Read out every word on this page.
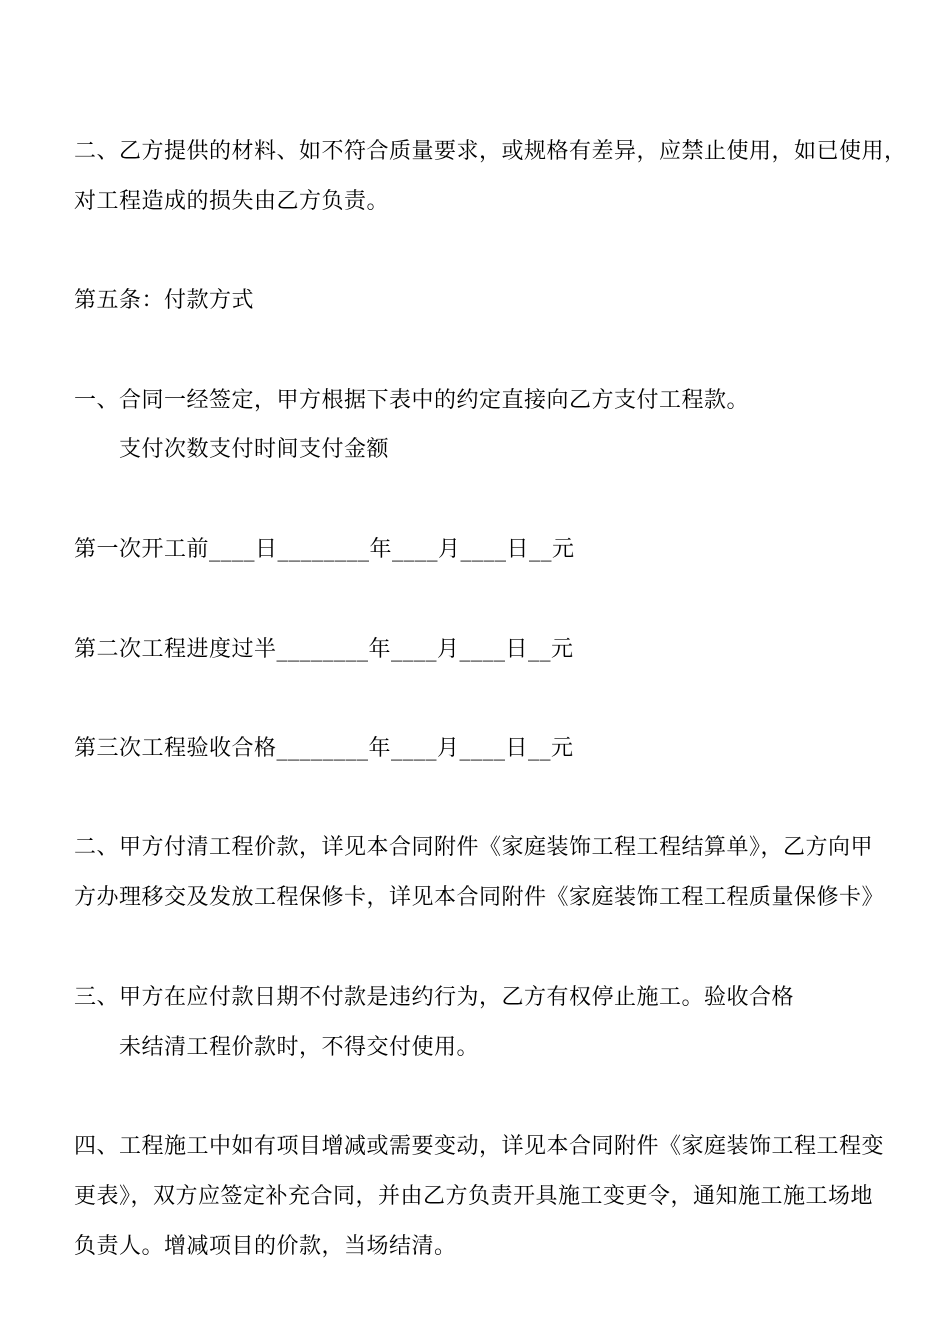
二、乙方提供的材料、如不符合质量要求，或规格有差异，应禁止使用，如已使用，
对工程造成的损失由乙方负责。
第五条：付款方式
一、合同一经签定，甲方根据下表中的约定直接向乙方支付工程款。
支付次数支付时间支付金额
第一次开工前____日________年____月____日__元
第二次工程进度过半________年____月____日__元
第三次工程验收合格________年____月____日__元
二、甲方付清工程价款，详见本合同附件《家庭装饰工程工程结算单》，乙方向甲
方办理移交及发放工程保修卡，详见本合同附件《家庭装饰工程工程质量保修卡》
三、甲方在应付款日期不付款是违约行为，乙方有权停止施工。验收合格
未结清工程价款时，不得交付使用。
四、工程施工中如有项目增减或需要变动，详见本合同附件《家庭装饰工程工程变
更表》，双方应签定补充合同，并由乙方负责开具施工变更令，通知施工施工场地
负责人。增减项目的价款，当场结清。
